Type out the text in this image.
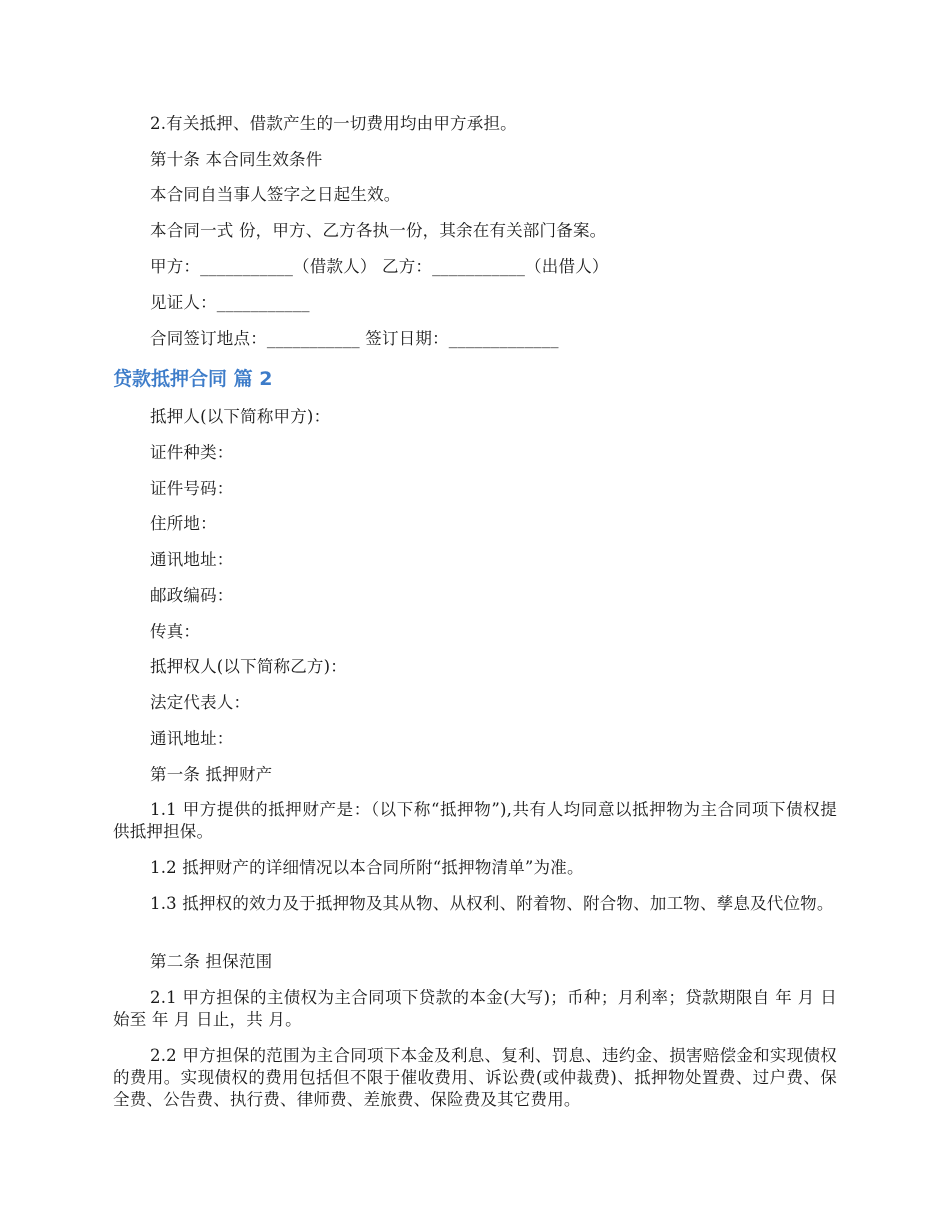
2.有关抵押、借款产生的一切费用均由甲方承担。
第十条 本合同生效条件
本合同自当事人签字之日起生效。
本合同一式 份，甲方、乙方各执一份，其余在有关部门备案。
甲方：___________（借款人） 乙方：___________（出借人）
见证人：___________
合同签订地点：___________ 签订日期：_____________
贷款抵押合同 篇 2
抵押人(以下简称甲方)：
证件种类：
证件号码：
住所地：
通讯地址：
邮政编码：
传真：
抵押权人(以下简称乙方)：
法定代表人：
通讯地址：
第一条 抵押财产
1.1 甲方提供的抵押财产是：（以下称“抵押物”),共有人均同意以抵押物为主合同项下债权提供抵押担保。
1.2 抵押财产的详细情况以本合同所附“抵押物清单”为准。
1.3 抵押权的效力及于抵押物及其从物、从权利、附着物、附合物、加工物、孳息及代位物。
第二条 担保范围
2.1 甲方担保的主债权为主合同项下贷款的本金(大写)；币种；月利率；贷款期限自 年 月 日始至 年 月 日止，共 月。
2.2 甲方担保的范围为主合同项下本金及利息、复利、罚息、违约金、损害赔偿金和实现债权的费用。实现债权的费用包括但不限于催收费用、诉讼费(或仲裁费)、抵押物处置费、过户费、保全费、公告费、执行费、律师费、差旅费、保险费及其它费用。
